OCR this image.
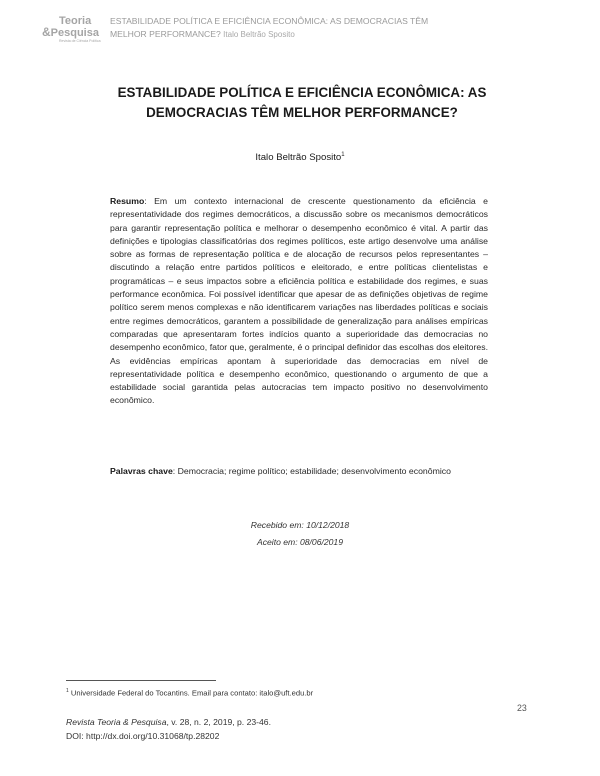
Teoria
&Pesquisa
Revista de Ciência Política
ESTABILIDADE POLÍTICA E EFICIÊNCIA ECONÔMICA: AS DEMOCRACIAS TÊM MELHOR PERFORMANCE? Italo Beltrão Sposito
ESTABILIDADE POLÍTICA E EFICIÊNCIA ECONÔMICA: AS DEMOCRACIAS TÊM MELHOR PERFORMANCE?
Italo Beltrão Sposito$^1$
Resumo: Em um contexto internacional de crescente questionamento da eficiência e representatividade dos regimes democráticos, a discussão sobre os mecanismos democráticos para garantir representação política e melhorar o desempenho econômico é vital. A partir das definições e tipologias classificatórias dos regimes políticos, este artigo desenvolve uma análise sobre as formas de representação política e de alocação de recursos pelos representantes – discutindo a relação entre partidos políticos e eleitorado, e entre políticas clientelistas e programáticas – e seus impactos sobre a eficiência política e estabilidade dos regimes, e suas performance econômica. Foi possível identificar que apesar de as definições objetivas de regime político serem menos complexas e não identificarem variações nas liberdades políticas e sociais entre regimes democráticos, garantem a possibilidade de generalização para análises empíricas comparadas que apresentaram fortes indícios quanto a superioridade das democracias no desempenho econômico, fator que, geralmente, é o principal definidor das escolhas dos eleitores. As evidências empíricas apontam à superioridade das democracias em nível de representatividade política e desempenho econômico, questionando o argumento de que a estabilidade social garantida pelas autocracias tem impacto positivo no desenvolvimento econômico.
Palavras chave: Democracia; regime político; estabilidade; desenvolvimento econômico
Recebido em: 10/12/2018
Aceito em: 08/06/2019
$^1$ Universidade Federal do Tocantins. Email para contato: italo@uft.edu.br
23
Revista Teoria & Pesquisa, v. 28, n. 2, 2019, p. 23-46.
DOI: http://dx.doi.org/10.31068/tp.28202
